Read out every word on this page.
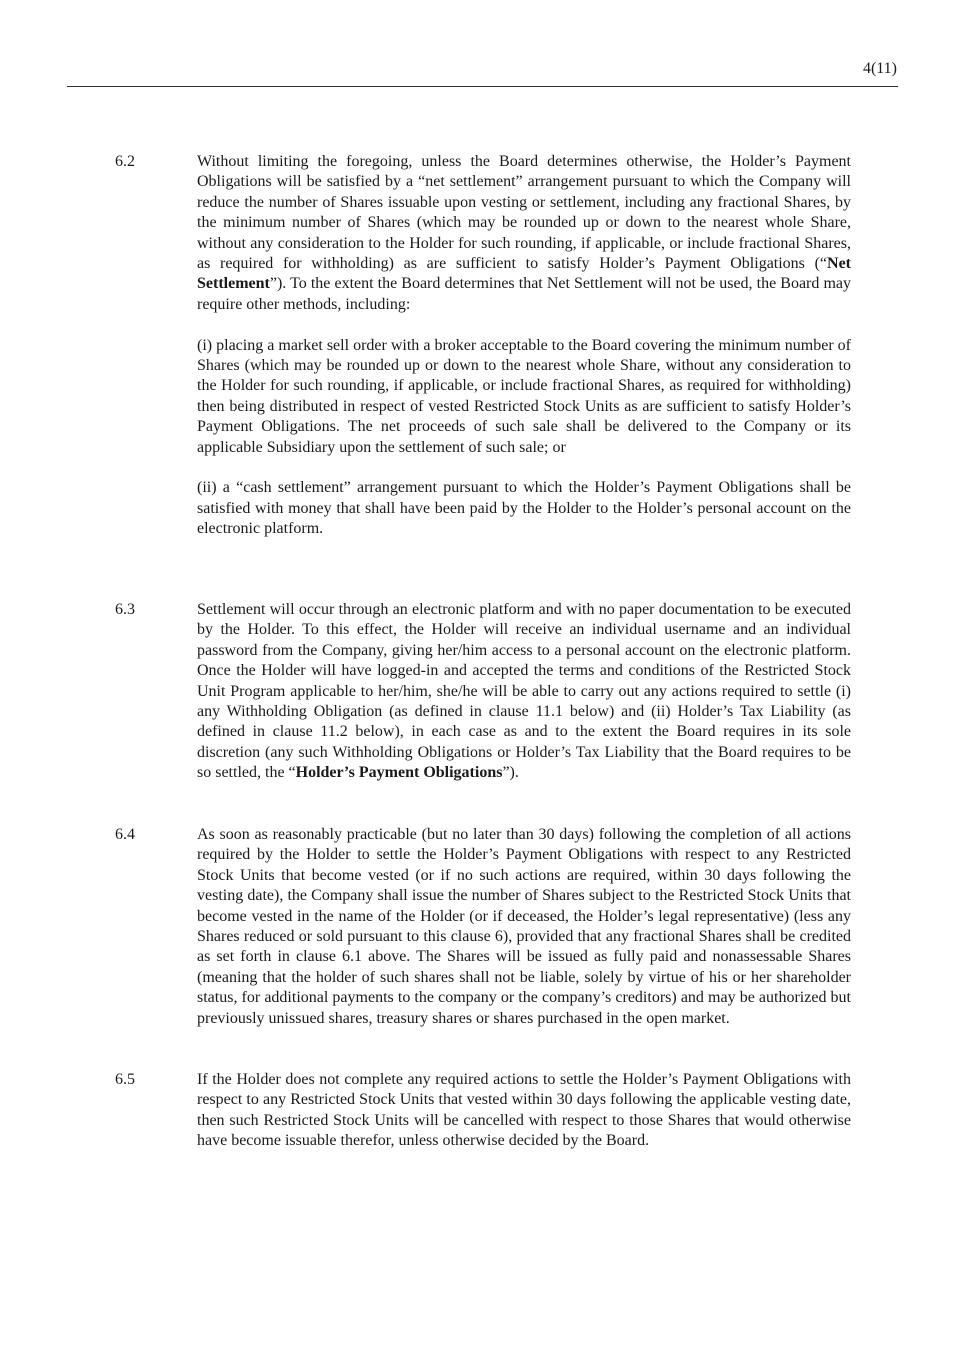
4(11)
6.2	Without limiting the foregoing, unless the Board determines otherwise, the Holder’s Payment Obligations will be satisfied by a “net settlement” arrangement pursuant to which the Company will reduce the number of Shares issuable upon vesting or settlement, including any fractional Shares, by the minimum number of Shares (which may be rounded up or down to the nearest whole Share, without any consideration to the Holder for such rounding, if applicable, or include fractional Shares, as required for withholding) as are sufficient to satisfy Holder’s Payment Obligations (“Net Settlement”). To the extent the Board determines that Net Settlement will not be used, the Board may require other methods, including:

(i) placing a market sell order with a broker acceptable to the Board covering the minimum number of Shares (which may be rounded up or down to the nearest whole Share, without any consideration to the Holder for such rounding, if applicable, or include fractional Shares, as required for withholding) then being distributed in respect of vested Restricted Stock Units as are sufficient to satisfy Holder’s Payment Obligations. The net proceeds of such sale shall be delivered to the Company or its applicable Subsidiary upon the settlement of such sale; or

(ii) a “cash settlement” arrangement pursuant to which the Holder’s Payment Obligations shall be satisfied with money that shall have been paid by the Holder to the Holder’s personal account on the electronic platform.

6.3	Settlement will occur through an electronic platform and with no paper documentation to be executed by the Holder. To this effect, the Holder will receive an individual username and an individual password from the Company, giving her/him access to a personal account on the electronic platform. Once the Holder will have logged-in and accepted the terms and conditions of the Restricted Stock Unit Program applicable to her/him, she/he will be able to carry out any actions required to settle (i) any Withholding Obligation (as defined in clause 11.1 below) and (ii) Holder’s Tax Liability (as defined in clause 11.2 below), in each case as and to the extent the Board requires in its sole discretion (any such Withholding Obligations or Holder’s Tax Liability that the Board requires to be so settled, the “Holder’s Payment Obligations”).

6.4	As soon as reasonably practicable (but no later than 30 days) following the completion of all actions required by the Holder to settle the Holder’s Payment Obligations with respect to any Restricted Stock Units that become vested (or if no such actions are required, within 30 days following the vesting date), the Company shall issue the number of Shares subject to the Restricted Stock Units that become vested in the name of the Holder (or if deceased, the Holder’s legal representative) (less any Shares reduced or sold pursuant to this clause 6), provided that any fractional Shares shall be credited as set forth in clause 6.1 above. The Shares will be issued as fully paid and nonassessable Shares (meaning that the holder of such shares shall not be liable, solely by virtue of his or her shareholder status, for additional payments to the company or the company’s creditors) and may be authorized but previously unissued shares, treasury shares or shares purchased in the open market.

6.5	If the Holder does not complete any required actions to settle the Holder’s Payment Obligations with respect to any Restricted Stock Units that vested within 30 days following the applicable vesting date, then such Restricted Stock Units will be cancelled with respect to those Shares that would otherwise have become issuable therefor, unless otherwise decided by the Board.
